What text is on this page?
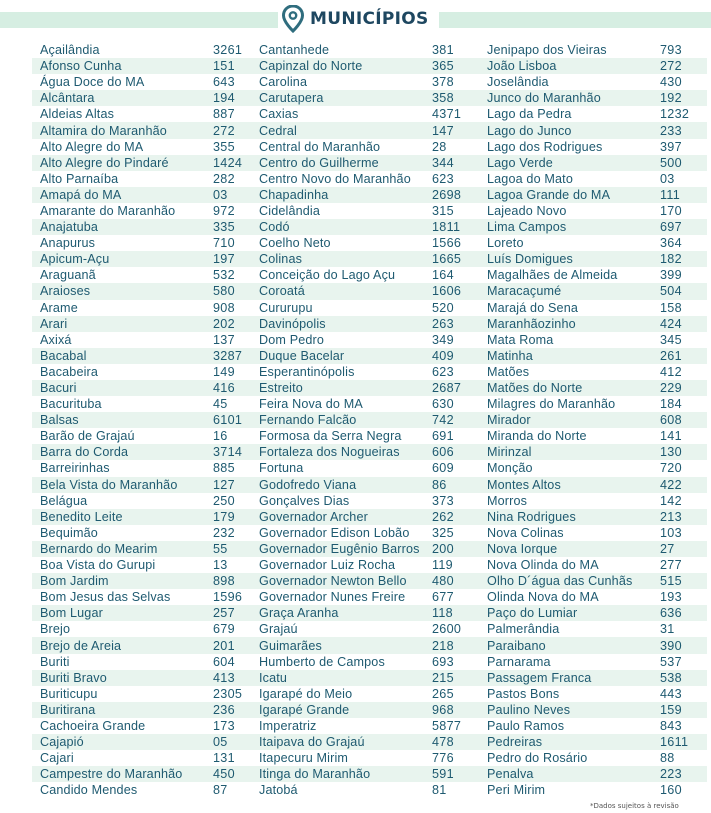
MUNICÍPIOS
Açailândia	3261
Afonso Cunha	151
Água Doce do MA	643
Alcântara	194
Aldeias Altas	887
Altamira do Maranhão	272
Alto Alegre do MA	355
Alto Alegre do Pindaré	1424
Alto Parnaíba	282
Amapá do MA	03
Amarante do Maranhão	972
Anajatuba	335
Anapurus	710
Apicum-Açu	197
Araguanã	532
Araioses	580
Arame	908
Arari	202
Axixá	137
Bacabal	3287
Bacabeira	149
Bacuri	416
Bacurituba	45
Balsas	6101
Barão de Grajaú	16
Barra do Corda	3714
Barreirinhas	885
Bela Vista do Maranhão	127
Belágua	250
Benedito Leite	179
Bequimão	232
Bernardo do Mearim	55
Boa Vista do Gurupi	13
Bom Jardim	898
Bom Jesus das Selvas	1596
Bom Lugar	257
Brejo	679
Brejo de Areia	201
Buriti	604
Buriti Bravo	413
Buriticupu	2305
Buritirana	236
Cachoeira Grande	173
Cajapió	05
Cajari	131
Campestre do Maranhão 450
Candido Mendes	87
Cantanhede	381
Capinzal do Norte	365
Carolina	378
Carutapera	358
Caxias	4371
Cedral	147
Central do Maranhão	28
Centro do Guilherme	344
Centro Novo do Maranhão 623
Chapadinha	2698
Cidelândia	315
Codó	1811
Coelho Neto	1566
Colinas	1665
Conceição do Lago Açu	164
Coroatá	1606
Cururupu	520
Davinópolis	263
Dom Pedro	349
Duque Bacelar	409
Esperantinópolis	623
Estreito	2687
Feira Nova do MA	630
Fernando Falcão	742
Formosa da Serra Negra 691
Fortaleza dos Nogueiras	606
Fortuna	609
Godofredo Viana	86
Gonçalves Dias	373
Governador Archer	262
Governador Edison Lobão 325
Governador Eugênio Barros 200
Governador Luiz Rocha	119
Governador Newton Bello 480
Governador Nunes Freire 677
Graça Aranha	118
Grajaú	2600
Guimarães	218
Humberto de Campos	693
Icatu	215
Igarapé do Meio	265
Igarapé Grande	968
Imperatriz	5877
Itaipava do Grajaú	478
Itapecuru Mirim	776
Itinga do Maranhão	591
Jatobá	81
Jenipapo dos Vieiras	793
João Lisboa	272
Joselândia	430
Junco do Maranhão	192
Lago da Pedra	1232
Lago do Junco	233
Lago dos Rodrigues	397
Lago Verde	500
Lagoa do Mato	03
Lagoa Grande do MA	111
Lajeado Novo	170
Lima Campos	697
Loreto	364
Luís Domigues	182
Magalhães de Almeida	399
Maracaçumé	504
Marajá do Sena	158
Maranhãozinho	424
Mata Roma	345
Matinha	261
Matões	412
Matões do Norte	229
Milagres do Maranhão	184
Mirador	608
Miranda do Norte	141
Mirinzal	130
Monção	720
Montes Altos	422
Morros	142
Nina Rodrigues	213
Nova Colinas	103
Nova Iorque	27
Nova Olinda do MA	277
Olho D´água das Cunhãs 515
Olinda Nova do MA	193
Paço do Lumiar	636
Palmerândia	31
Paraibano	390
Parnarama	537
Passagem Franca	538
Pastos Bons	443
Paulino Neves	159
Paulo Ramos	843
Pedreiras	1611
Pedro do Rosário	88
Penalva	223
Peri Mirim	160
*Dados sujeitos à revisão
